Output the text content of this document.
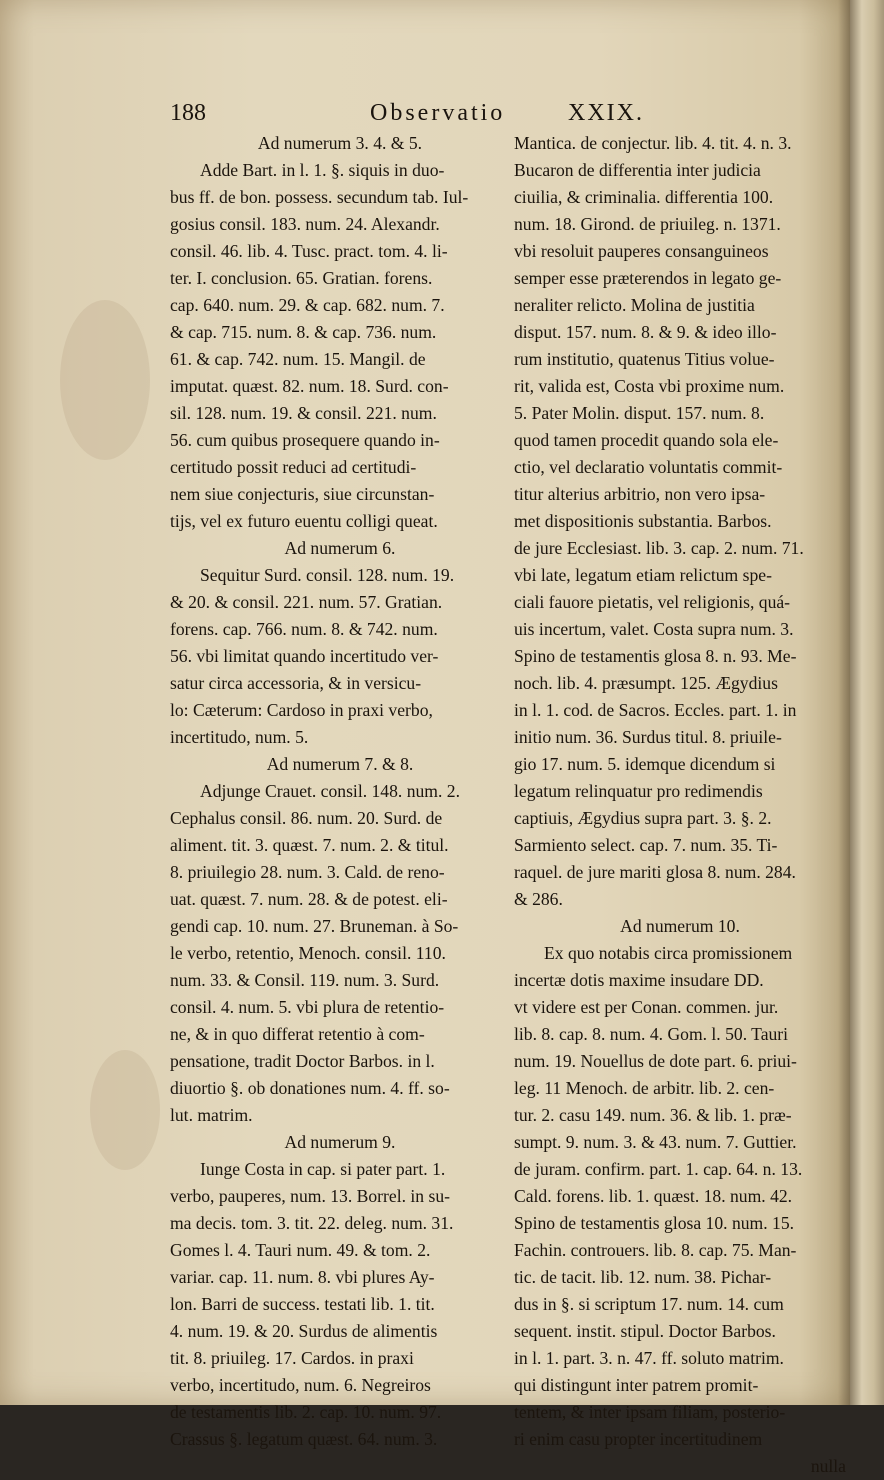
188	Observatio	XXIX.
Ad numerum 3. 4. & 5.
Adde Bart. in l. 1. §. siquis in duo-
bus ff. de bon. possess. secundum tab. Iul-
gosius consil. 183. num. 24. Alexandr.
consil. 46. lib. 4. Tusc. pract. tom. 4. li-
ter. I. conclusion. 65. Gratian. forens.
cap. 640. num. 29. & cap. 682. num. 7.
& cap. 715. num. 8. & cap. 736. num.
61. & cap. 742. num. 15. Mangil. de
imputat. quæst. 82. num. 18. Surd. con-
sil. 128. num. 19. & consil. 221. num.
56. cum quibus prosequere quando in-
certitudo possit reduci ad certitudi-
nem siue conjecturis, siue circunstan-
tijs, vel ex futuro euentu colligi queat.
Ad numerum 6.
Sequitur Surd. consil. 128. num. 19.
& 20. & consil. 221. num. 57. Gratian.
forens. cap. 766. num. 8. & 742. num.
56. vbi limitat quando incertitudo ver-
satur circa accessoria, & in versicu-
lo: Cæterum: Cardoso in praxi verbo,
incertitudo, num. 5.
Ad numerum 7. & 8.
Adjunge Crauet. consil. 148. num. 2.
Cephalus consil. 86. num. 20. Surd. de
aliment. tit. 3. quæst. 7. num. 2. & titul.
8. priuilegio 28. num. 3. Cald. de reno-
uat. quæst. 7. num. 28. & de potest. eli-
gendi cap. 10. num. 27. Bruneman. à So-
le verbo, retentio, Menoch. consil. 110.
num. 33. & Consil. 119. num. 3. Surd.
consil. 4. num. 5. vbi plura de retentio-
ne, & in quo differat retentio à com-
pensatione, tradit Doctor Barbos. in l.
diuortio §. ob donationes num. 4. ff. so-
lut. matrim.
Ad numerum 9.
Iunge Costa in cap. si pater part. 1.
verbo, pauperes, num. 13. Borrel. in su-
ma decis. tom. 3. tit. 22. deleg. num. 31.
Gomes l. 4. Tauri num. 49. & tom. 2.
variar. cap. 11. num. 8. vbi plures Ay-
lon. Barri de success. testati lib. 1. tit.
4. num. 19. & 20. Surdus de alimentis
tit. 8. priuileg. 17. Cardos. in praxi
verbo, incertitudo, num. 6. Negreiros
de testamentis lib. 2. cap. 10. num. 97.
Crassus §. legatum quæst. 64. num. 3.
Mantica. de conjectur. lib. 4. tit. 4. n. 3.
Bucaron de differentia inter judicia
ciuilia, & criminalia. differentia 100.
num. 18. Girond. de priuileg. n. 1371.
vbi resoluit pauperes consanguineos
semper esse præterendos in legato ge-
neraliter relicto. Molina de justitia
disput. 157. num. 8. & 9. & ideo illo-
rum institutio, quatenus Titius volue-
rit, valida est, Costa vbi proxime num.
5. Pater Molin. disput. 157. num. 8.
quod tamen procedit quando sola ele-
ctio, vel declaratio voluntatis commit-
titur alterius arbitrio, non vero ipsa-
met dispositionis substantia. Barbos.
de jure Ecclesiast. lib. 3. cap. 2. num. 71.
vbi late, legatum etiam relictum spe-
ciali fauore pietatis, vel religionis, quá-
uis incertum, valet. Costa supra num. 3.
Spino de testamentis glosa 8. n. 93. Me-
noch. lib. 4. præsumpt. 125. Ægydius
in l. 1. cod. de Sacros. Eccles. part. 1. in
initio num. 36. Surdus titul. 8. priuile-
gio 17. num. 5. idemque dicendum si
legatum relinquatur pro redimendis
captiuis, Ægydius supra part. 3. §. 2.
Sarmiento select. cap. 7. num. 35. Ti-
raquel. de jure mariti glosa 8. num. 284.
& 286.
Ad numerum 10.
Ex quo notabis circa promissionem
incertæ dotis maxime insudare DD.
vt videre est per Conan. commen. jur.
lib. 8. cap. 8. num. 4. Gom. l. 50. Tauri
num. 19. Nouellus de dote part. 6. priui-
leg. 11 Menoch. de arbitr. lib. 2. cen-
tur. 2. casu 149. num. 36. & lib. 1. præ-
sumpt. 9. num. 3. & 43. num. 7. Guttier.
de juram. confirm. part. 1. cap. 64. n. 13.
Cald. forens. lib. 1. quæst. 18. num. 42.
Spino de testamentis glosa 10. num. 15.
Fachin. controuers. lib. 8. cap. 75. Man-
tic. de tacit. lib. 12. num. 38. Pichar-
dus in §. si scriptum 17. num. 14. cum
sequent. instit. stipul. Doctor Barbos.
in l. 1. part. 3. n. 47. ff. soluto matrim.
qui distingunt inter patrem promit-
tentem, & inter ipsam filiam, posterio-
ri enim casu propter incertitudinem
nulla
